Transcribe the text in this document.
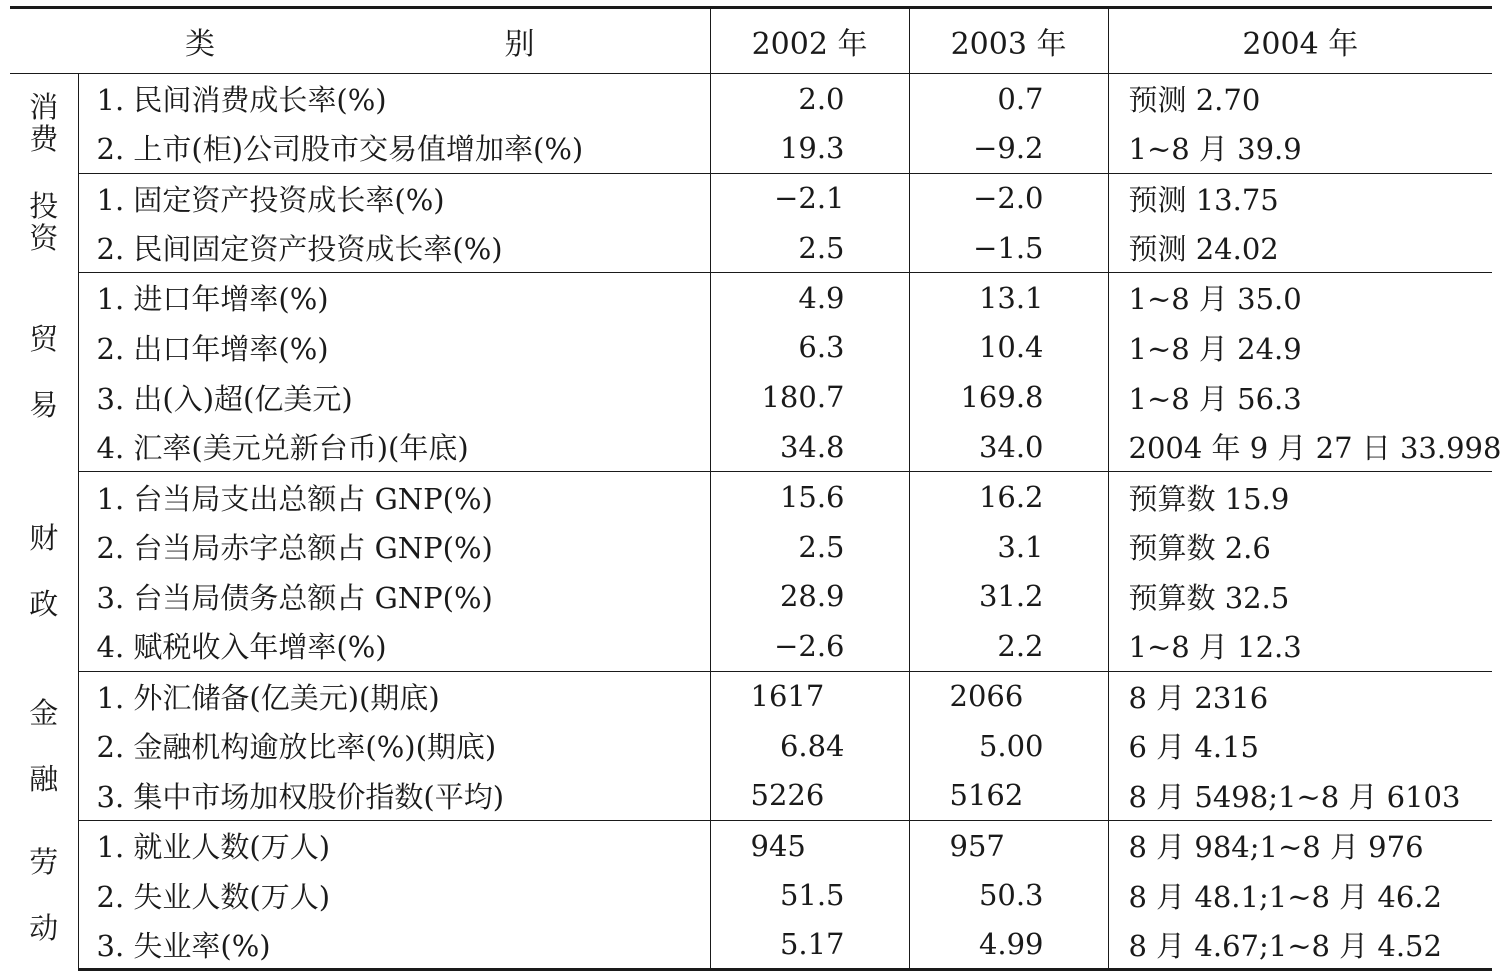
类 别		2002 年	2003 年	2004 年
消费	1. 民间消费成长率(%)	2.0	0.7	预测 2.70
	2. 上市(柜)公司股市交易值增加率(%)	19.3	−9.2	1~8 月 39.9
投资	1. 固定资产投资成长率(%)	−2.1	−2.0	预测 13.75
	2. 民间固定资产投资成长率(%)	2.5	−1.5	预测 24.02
贸易	1. 进口年增率(%)	4.9	13.1	1~8 月 35.0
	2. 出口年增率(%)	6.3	10.4	1~8 月 24.9
	3. 出(入)超(亿美元)	180.7	169.8	1~8 月 56.3
	4. 汇率(美元兑新台币)(年底)	34.8	34.0	2004 年 9 月 27 日 33.998
财政	1. 台当局支出总额占 GNP(%)	15.6	16.2	预算数 15.9
	2. 台当局赤字总额占 GNP(%)	2.5	3.1	预算数 2.6
	3. 台当局债务总额占 GNP(%)	28.9	31.2	预算数 32.5
	4. 赋税收入年增率(%)	−2.6	2.2	1~8 月 12.3
金融	1. 外汇储备(亿美元)(期底)	1617	2066	8 月 2316
	2. 金融机构逾放比率(%)(期底)	6.84	5.00	6 月 4.15
	3. 集中市场加权股价指数(平均)	5226	5162	8 月 5498;1~8 月 6103
劳动	1. 就业人数(万人)	945	957	8 月 984;1~8 月 976
	2. 失业人数(万人)	51.5	50.3	8 月 48.1;1~8 月 46.2
	3. 失业率(%)	5.17	4.99	8 月 4.67;1~8 月 4.52
